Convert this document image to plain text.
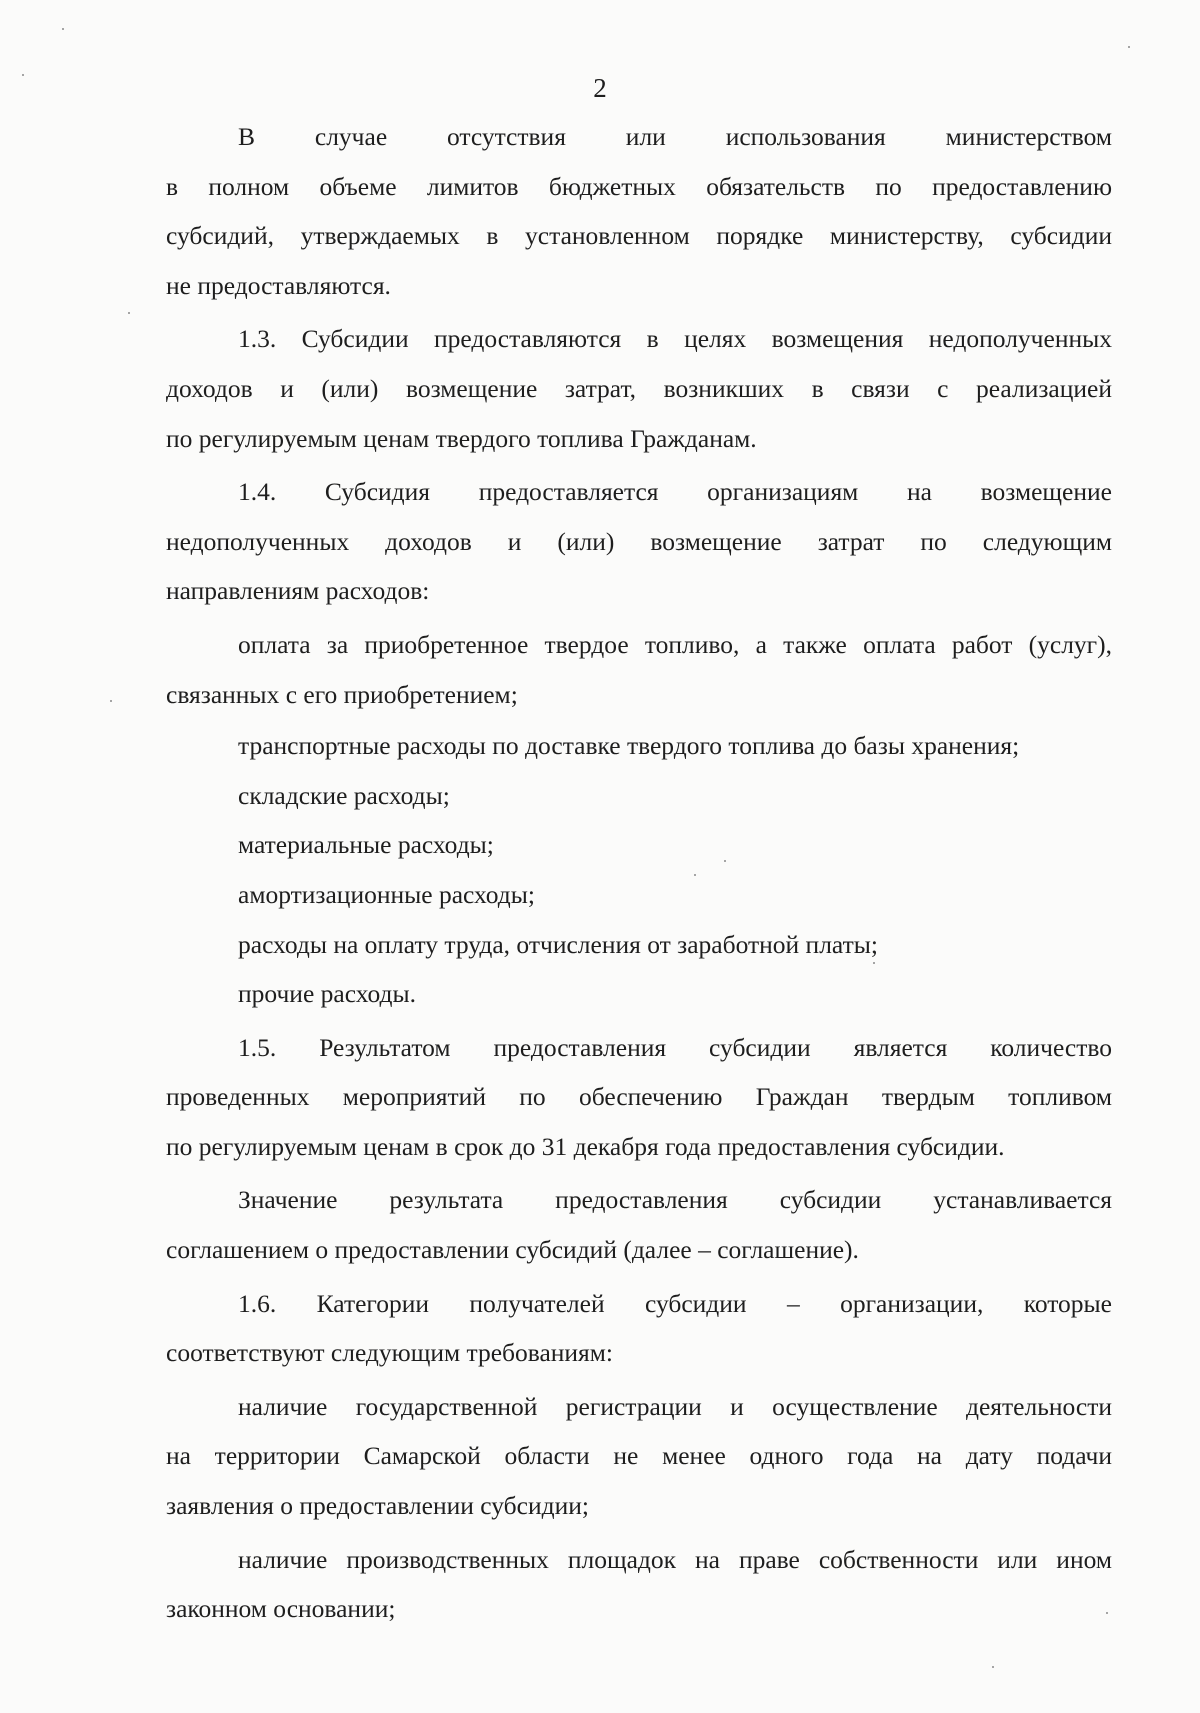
2

В случае отсутствия или использования министерством

в полном объеме лимитов бюджетных обязательств по предоставлению

субсидий, утверждаемых в установленном порядке министерству, субсидии

не предоставляются.

1.3. Субсидии предоставляются в целях возмещения недополученных

доходов и (или) возмещение затрат, возникших в связи с реализацией

по регулируемым ценам твердого топлива Гражданам.

1.4. Субсидия предоставляется организациям на возмещение

недополученных доходов и (или) возмещение затрат по следующим

направлениям расходов:

оплата за приобретенное твердое топливо, а также оплата работ (услуг),

связанных с его приобретением;

транспортные расходы по доставке твердого топлива до базы хранения;

складские расходы;

материальные расходы;

амортизационные расходы;

расходы на оплату труда, отчисления от заработной платы;

прочие расходы.

1.5. Результатом предоставления субсидии является количество

проведенных мероприятий по обеспечению Граждан твердым топливом

по регулируемым ценам в срок до 31 декабря года предоставления субсидии.

Значение результата предоставления субсидии устанавливается

соглашением о предоставлении субсидий (далее – соглашение).

1.6. Категории получателей субсидии – организации, которые

соответствуют следующим требованиям:

наличие государственной регистрации и осуществление деятельности

на территории Самарской области не менее одного года на дату подачи

заявления о предоставлении субсидии;

наличие производственных площадок на праве собственности или ином

законном основании;
